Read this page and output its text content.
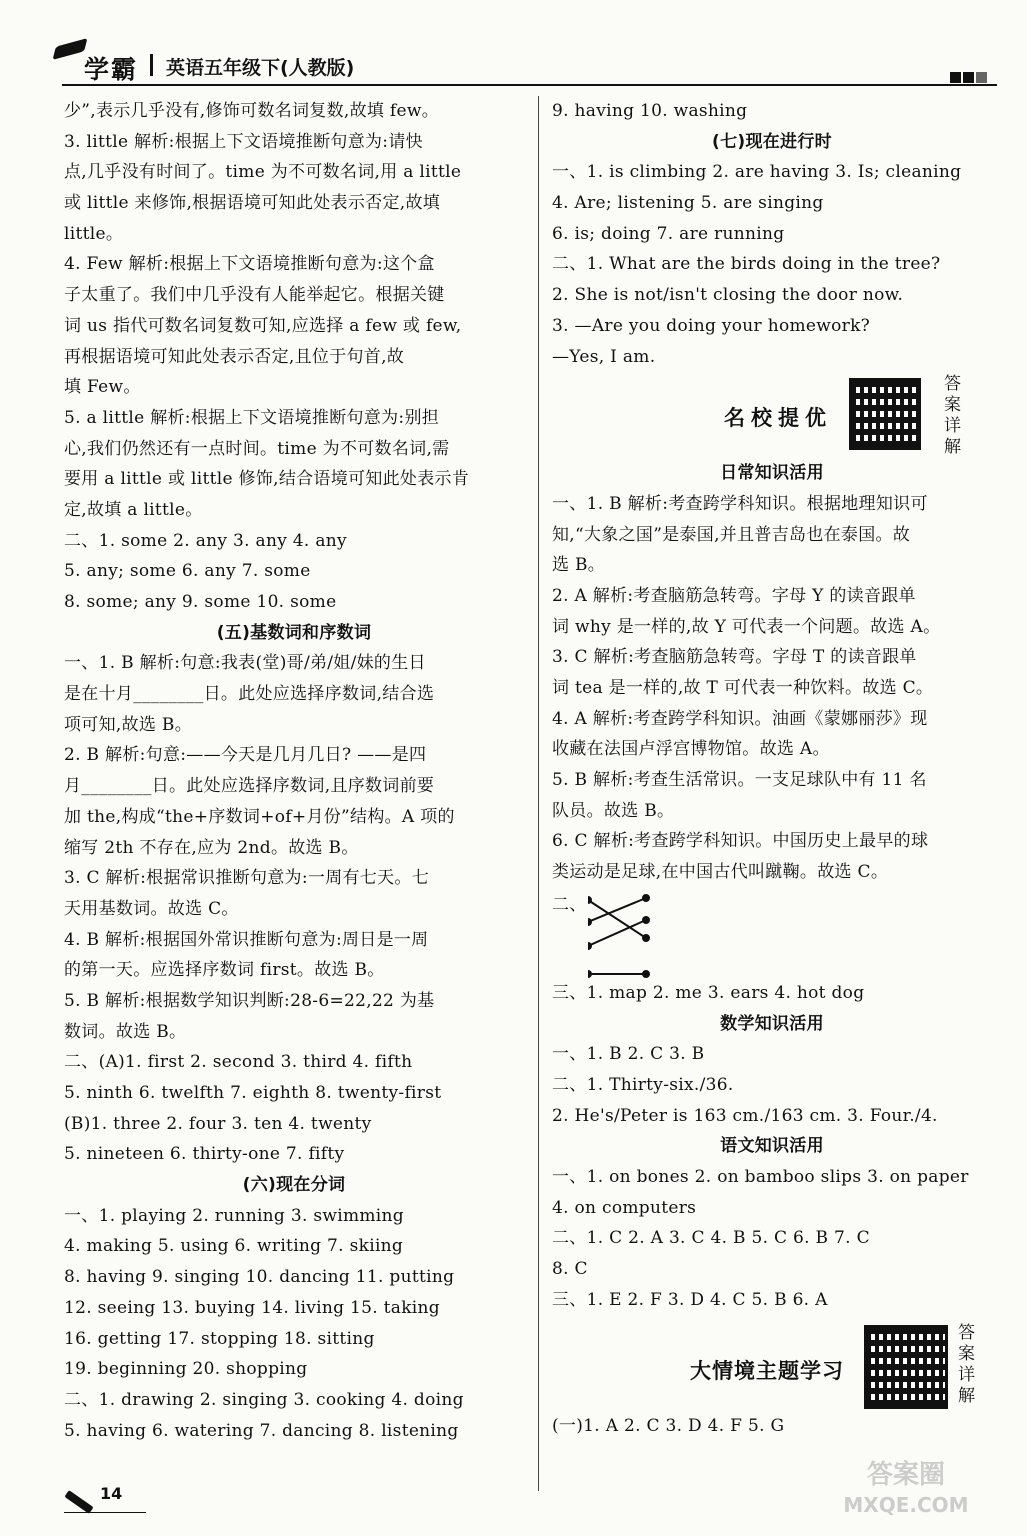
学霸 英语五年级下(人教版)
少”,表示几乎没有,修饰可数名词复数,故填 few。
3. little 解析:根据上下文语境推断句意为:请快
点,几乎没有时间了。time 为不可数名词,用 a little
或 little 来修饰,根据语境可知此处表示否定,故填
little。
4. Few 解析:根据上下文语境推断句意为:这个盒
子太重了。我们中几乎没有人能举起它。根据关键
词 us 指代可数名词复数可知,应选择 a few 或 few,
再根据语境可知此处表示否定,且位于句首,故
填 Few。
5. a little 解析:根据上下文语境推断句意为:别担
心,我们仍然还有一点时间。time 为不可数名词,需
要用 a little 或 little 修饰,结合语境可知此处表示肯
定,故填 a little。
二、1. some 2. any 3. any 4. any
5. any; some 6. any 7. some
8. some; any 9. some 10. some
(五)基数词和序数词
一、1. B 解析:句意:我表(堂)哥/弟/姐/妹的生日
是在十月________日。此处应选择序数词,结合选
项可知,故选 B。
2. B 解析:句意:——今天是几月几日? ——是四
月________日。此处应选择序数词,且序数词前要
加 the,构成“the+序数词+of+月份”结构。A 项的
缩写 2th 不存在,应为 2nd。故选 B。
3. C 解析:根据常识推断句意为:一周有七天。七
天用基数词。故选 C。
4. B 解析:根据国外常识推断句意为:周日是一周
的第一天。应选择序数词 first。故选 B。
5. B 解析:根据数学知识判断:28-6=22,22 为基
数词。故选 B。
二、(A)1. first 2. second 3. third 4. fifth
5. ninth 6. twelfth 7. eighth 8. twenty-first
(B)1. three 2. four 3. ten 4. twenty
5. nineteen 6. thirty-one 7. fifty
(六)现在分词
一、1. playing 2. running 3. swimming
4. making 5. using 6. writing 7. skiing
8. having 9. singing 10. dancing 11. putting
12. seeing 13. buying 14. living 15. taking
16. getting 17. stopping 18. sitting
19. beginning 20. shopping
二、1. drawing 2. singing 3. cooking 4. doing
5. having 6. watering 7. dancing 8. listening
9. having 10. washing
(七)现在进行时
一、1. is climbing 2. are having 3. Is; cleaning
4. Are; listening 5. are singing
6. is; doing 7. are running
二、1. What are the birds doing in the tree?
2. She is not/isn't closing the door now.
3. —Are you doing your homework?
—Yes, I am.
名校提优
答案详解
日常知识活用
一、1. B 解析:考查跨学科知识。根据地理知识可
知,“大象之国”是泰国,并且普吉岛也在泰国。故
选 B。
2. A 解析:考查脑筋急转弯。字母 Y 的读音跟单
词 why 是一样的,故 Y 可代表一个问题。故选 A。
3. C 解析:考查脑筋急转弯。字母 T 的读音跟单
词 tea 是一样的,故 T 可代表一种饮料。故选 C。
4. A 解析:考查跨学科知识。油画《蒙娜丽莎》现
收藏在法国卢浮宫博物馆。故选 A。
5. B 解析:考查生活常识。一支足球队中有 11 名
队员。故选 B。
6. C 解析:考查跨学科知识。中国历史上最早的球
类运动是足球,在中国古代叫蹴鞠。故选 C。
二、
三、1. map 2. me 3. ears 4. hot dog
数学知识活用
一、1. B 2. C 3. B
二、1. Thirty-six./36.
2. He's/Peter is 163 cm./163 cm. 3. Four./4.
语文知识活用
一、1. on bones 2. on bamboo slips 3. on paper
4. on computers
二、1. C 2. A 3. C 4. B 5. C 6. B 7. C
8. C
三、1. E 2. F 3. D 4. C 5. B 6. A
大情境主题学习
答案详解
(一)1. A 2. C 3. D 4. F 5. G
14
答案圈
MXQE.COM
